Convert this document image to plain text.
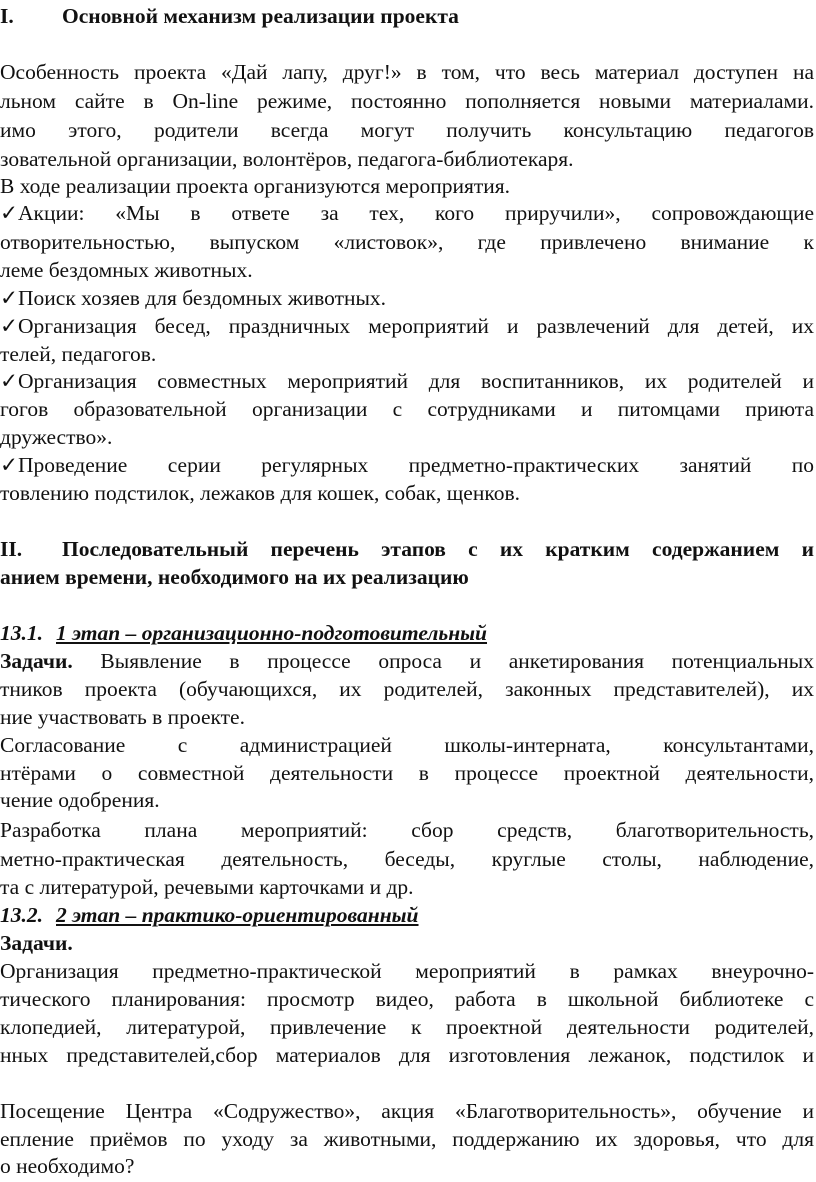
I. Основной механизм реализации проекта

Особенность проекта «Дай лапу, друг!» в том, что весь материал доступен на

льном сайте в On-line режиме, постоянно пополняется новыми материалами.

имо этого, родители всегда могут получить консультацию педагогов

зовательной организации, волонтёров, педагога-библиотекаря.

В ходе реализации проекта организуются мероприятия.

✓Акции: «Мы в ответе за тех, кого приручили», сопровождающие

отворительностью, выпуском «листовок», где привлечено внимание к

леме бездомных животных.

✓Поиск хозяев для бездомных животных.
✓Организация бесед, праздничных мероприятий и развлечений для детей, их

телей, педагогов.

✓Организация совместных мероприятий для воспитанников, их родителей и

гогов образовательной организации с сотрудниками и питомцами приюта

дружество».

✓Проведение серии регулярных предметно-практических занятий по

товлению подстилок, лежаков для кошек, собак, щенков.

II. Последовательный перечень этапов с их кратким содержанием и

анием времени, необходимого на их реализацию

13.1. 1 этап – организационно-подготовительный
Задачи. Выявление в процессе опроса и анкетирования потенциальных

тников проекта (обучающихся, их родителей, законных представителей), их

ние участвовать в проекте.

Согласование с администрацией школы-интерната, консультантами,

нтёрами о совместной деятельности в процессе проектной деятельности,

чение одобрения.

Разработка плана мероприятий: сбор средств, благотворительность,

метно-практическая деятельность, беседы, круглые столы, наблюдение,

та с литературой, речевыми карточками и др.

13.2. 2 этап – практико-ориентированный

Задачи.

Организация предметно-практической мероприятий в рамках внеурочно-

тического планирования: просмотр видео, работа в школьной библиотеке с

клопедией, литературой, привлечение к проектной деятельности родителей,

нных представителей,сбор материалов для изготовления лежанок, подстилок и

Посещение Центра «Содружество», акция «Благотворительность», обучение и

епление приёмов по уходу за животными, поддержанию их здоровья, что для

о необходимо?
